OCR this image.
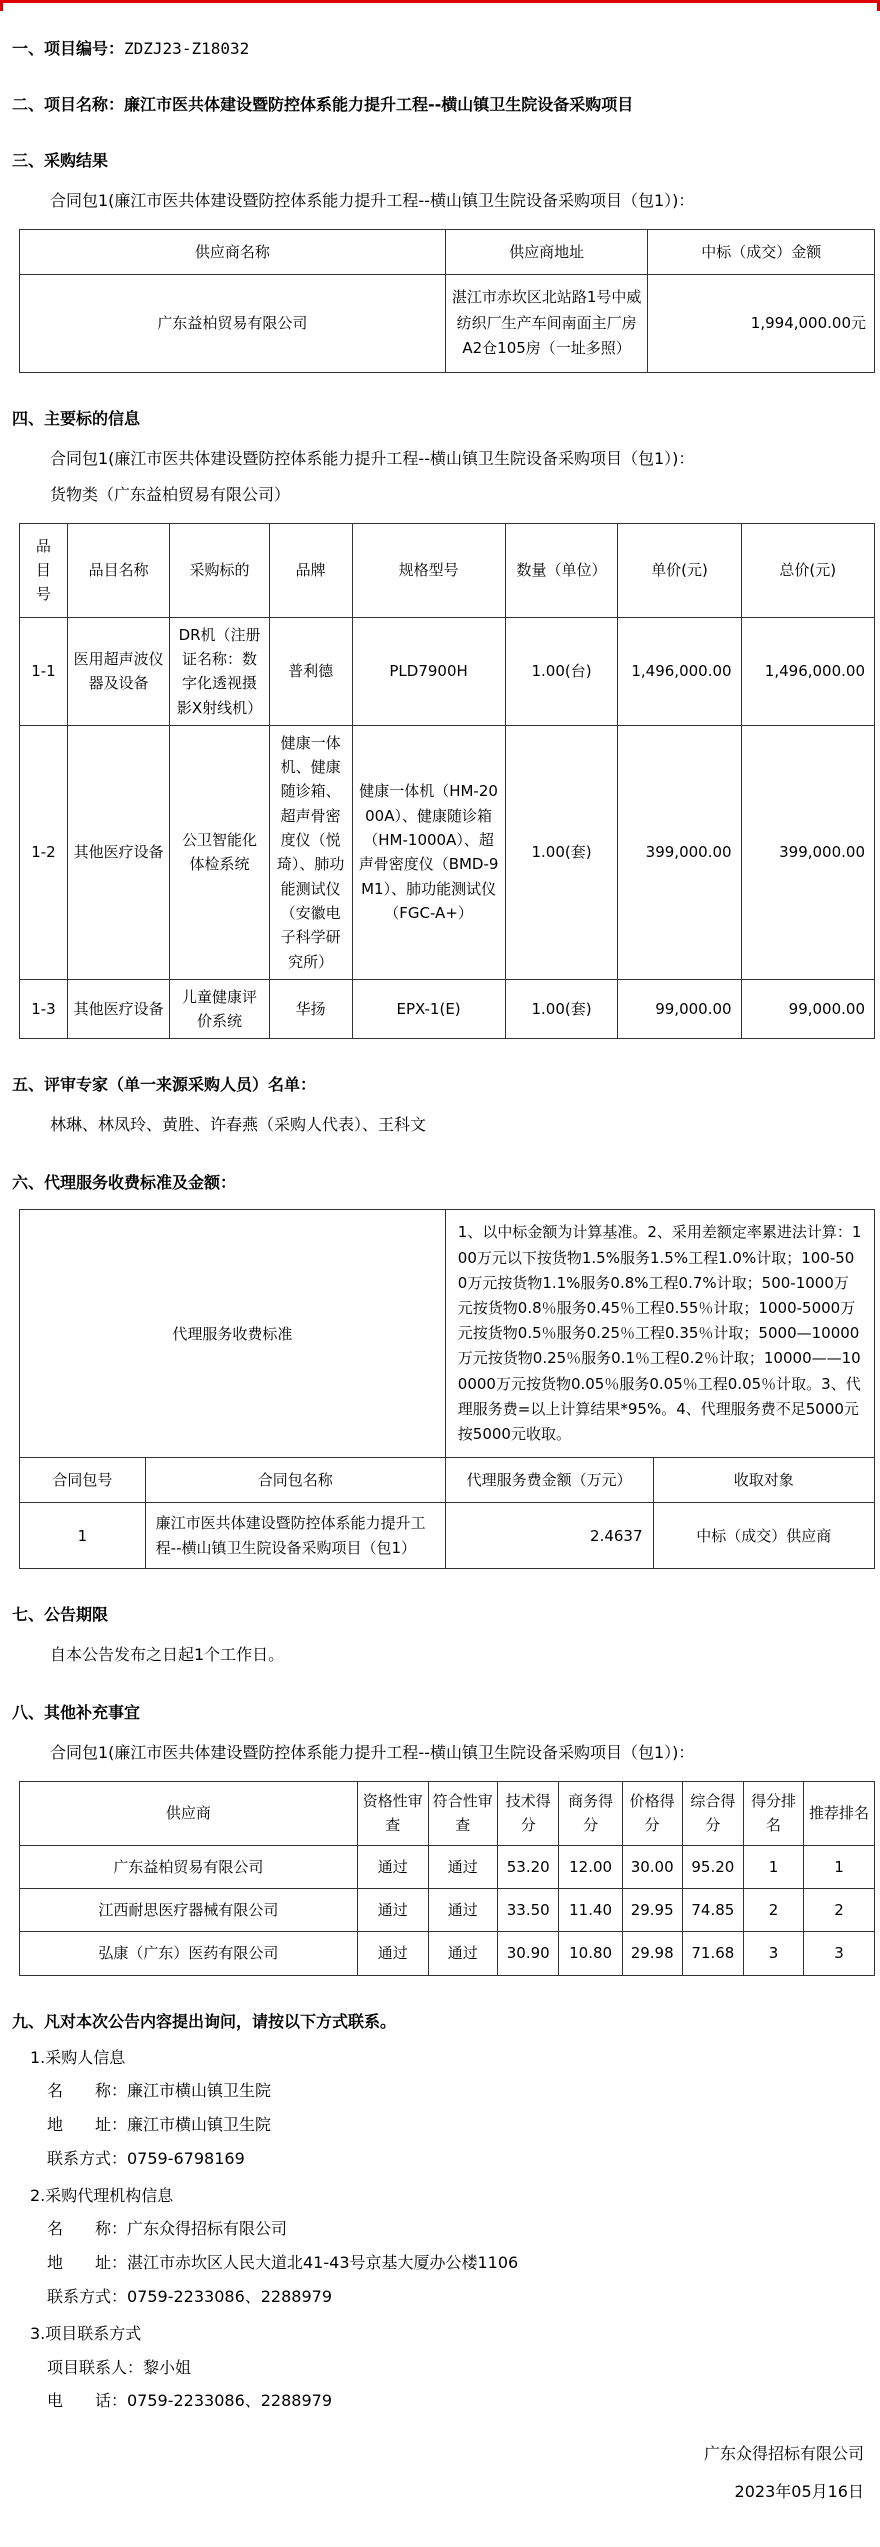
一、项目编号：ZDZJ23-Z18032
二、项目名称：廉江市医共体建设暨防控体系能力提升工程--横山镇卫生院设备采购项目
三、采购结果
合同包1(廉江市医共体建设暨防控体系能力提升工程--横山镇卫生院设备采购项目（包1）)：
供应商名称	供应商地址	中标（成交）金额
广东益柏贸易有限公司	湛江市赤坎区北站路1号中威纺织厂生产车间南面主厂房A2仓105房（一址多照）	1,994,000.00元
四、主要标的信息
合同包1(廉江市医共体建设暨防控体系能力提升工程--横山镇卫生院设备采购项目（包1）)：
货物类（广东益柏贸易有限公司）
品目号	品目名称	采购标的	品牌	规格型号	数量（单位）	单价(元)	总价(元)
1-1	医用超声波仪器及设备	DR机（注册证名称：数字化透视摄影X射线机）	普利德	PLD7900H	1.00(台)	1,496,000.00	1,496,000.00
1-2	其他医疗设备	公卫智能化体检系统	健康一体机、健康随诊箱、超声骨密度仪（悦琦）、肺功能测试仪（安徽电子科学研究所）	健康一体机（HM-2000A）、健康随诊箱（HM-1000A）、超声骨密度仪（BMD-9M1）、肺功能测试仪（FGC-A+）	1.00(套)	399,000.00	399,000.00
1-3	其他医疗设备	儿童健康评价系统	华扬	EPX-1(E)	1.00(套)	99,000.00	99,000.00
五、评审专家（单一来源采购人员）名单：
林琳、林凤玲、黄胜、许春燕（采购人代表）、王科文
六、代理服务收费标准及金额：
代理服务收费标准		1、以中标金额为计算基准。2、采用差额定率累进法计算：100万元以下按货物1.5%服务1.5%工程1.0%计取；100-500万元按货物1.1%服务0.8%工程0.7%计取；500-1000万元按货物0.8％服务0.45％工程0.55％计取；1000-5000万元按货物0.5％服务0.25％工程0.35％计取；5000—10000万元按货物0.25％服务0.1％工程0.2％计取；10000——100000万元按货物0.05％服务0.05％工程0.05％计取。3、代理服务费=以上计算结果*95%。4、代理服务费不足5000元按5000元收取。	
合同包号	合同包名称	代理服务费金额（万元）	收取对象
1	廉江市医共体建设暨防控体系能力提升工程--横山镇卫生院设备采购项目（包1）	2.4637	中标（成交）供应商
七、公告期限
自本公告发布之日起1个工作日。
八、其他补充事宜
合同包1(廉江市医共体建设暨防控体系能力提升工程--横山镇卫生院设备采购项目（包1）)：
供应商	资格性审查	符合性审查	技术得分	商务得分	价格得分	综合得分	得分排名	推荐排名
广东益柏贸易有限公司	通过	通过	53.20	12.00	30.00	95.20	1	1
江西耐思医疗器械有限公司	通过	通过	33.50	11.40	29.95	74.85	2	2
弘康（广东）医药有限公司	通过	通过	30.90	10.80	29.98	71.68	3	3
九、凡对本次公告内容提出询问，请按以下方式联系。
1.采购人信息
名　　称：廉江市横山镇卫生院
地　　址：廉江市横山镇卫生院
联系方式：0759-6798169
2.采购代理机构信息
名　　称：广东众得招标有限公司
地　　址：湛江市赤坎区人民大道北41-43号京基大厦办公楼1106
联系方式：0759-2233086、2288979
3.项目联系方式
项目联系人：黎小姐
电　　话：0759-2233086、2288979
广东众得招标有限公司
2023年05月16日
